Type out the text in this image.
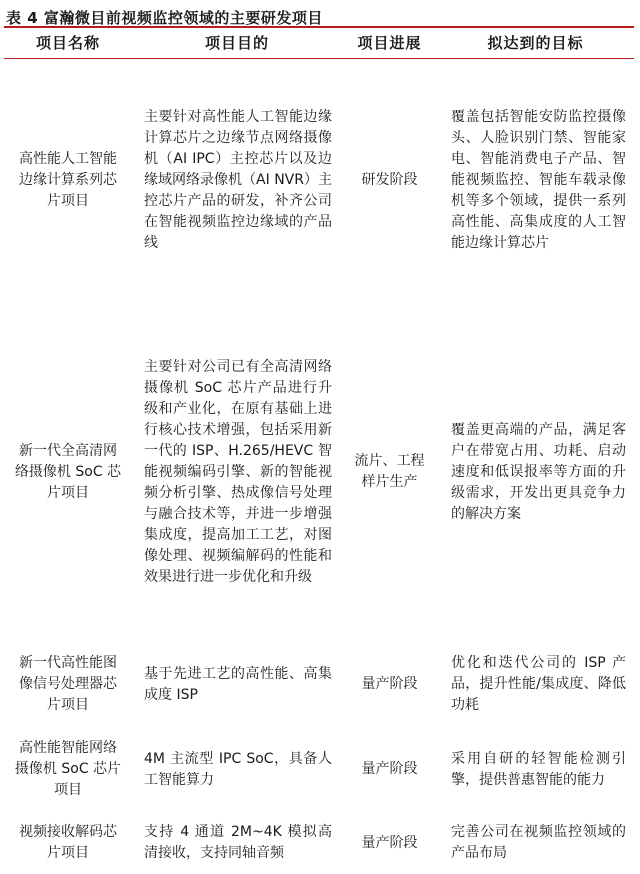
表 4 富瀚微目前视频监控领域的主要研发项目
项目名称	项目目的	项目进展	拟达到的目标

高性能人工智能边缘计算系列芯片项目	主要针对高性能人工智能边缘计算芯片之边缘节点网络摄像机（AI IPC）主控芯片以及边缘域网络录像机（AI NVR）主控芯片产品的研发，补齐公司在智能视频监控边缘域的产品线	研发阶段	覆盖包括智能安防监控摄像头、人脸识别门禁、智能家电、智能消费电子产品、智能视频监控、智能车载录像机等多个领域，提供一系列高性能、高集成度的人工智能边缘计算芯片

新一代全高清网络摄像机 SoC 芯片项目	主要针对公司已有全高清网络摄像机 SoC 芯片产品进行升级和产业化，在原有基础上进行核心技术增强，包括采用新一代的 ISP、H.265/HEVC 智能视频编码引擎、新的智能视频分析引擎、热成像信号处理与融合技术等，并进一步增强集成度，提高加工工艺，对图像处理、视频编解码的性能和效果进行进一步优化和升级	流片、工程样片生产	覆盖更高端的产品，满足客户在带宽占用、功耗、启动速度和低误报率等方面的升级需求，开发出更具竞争力的解决方案

新一代高性能图像信号处理器芯片项目	基于先进工艺的高性能、高集成度 ISP	量产阶段	优化和迭代公司的 ISP 产品，提升性能/集成度、降低功耗

高性能智能网络摄像机 SoC 芯片项目	4M 主流型 IPC SoC，具备人工智能算力	量产阶段	采用自研的轻智能检测引擎，提供普惠智能的能力

视频接收解码芯片项目	支持 4 通道 2M~4K 模拟高清接收，支持同轴音频	量产阶段	完善公司在视频监控领域的产品布局
